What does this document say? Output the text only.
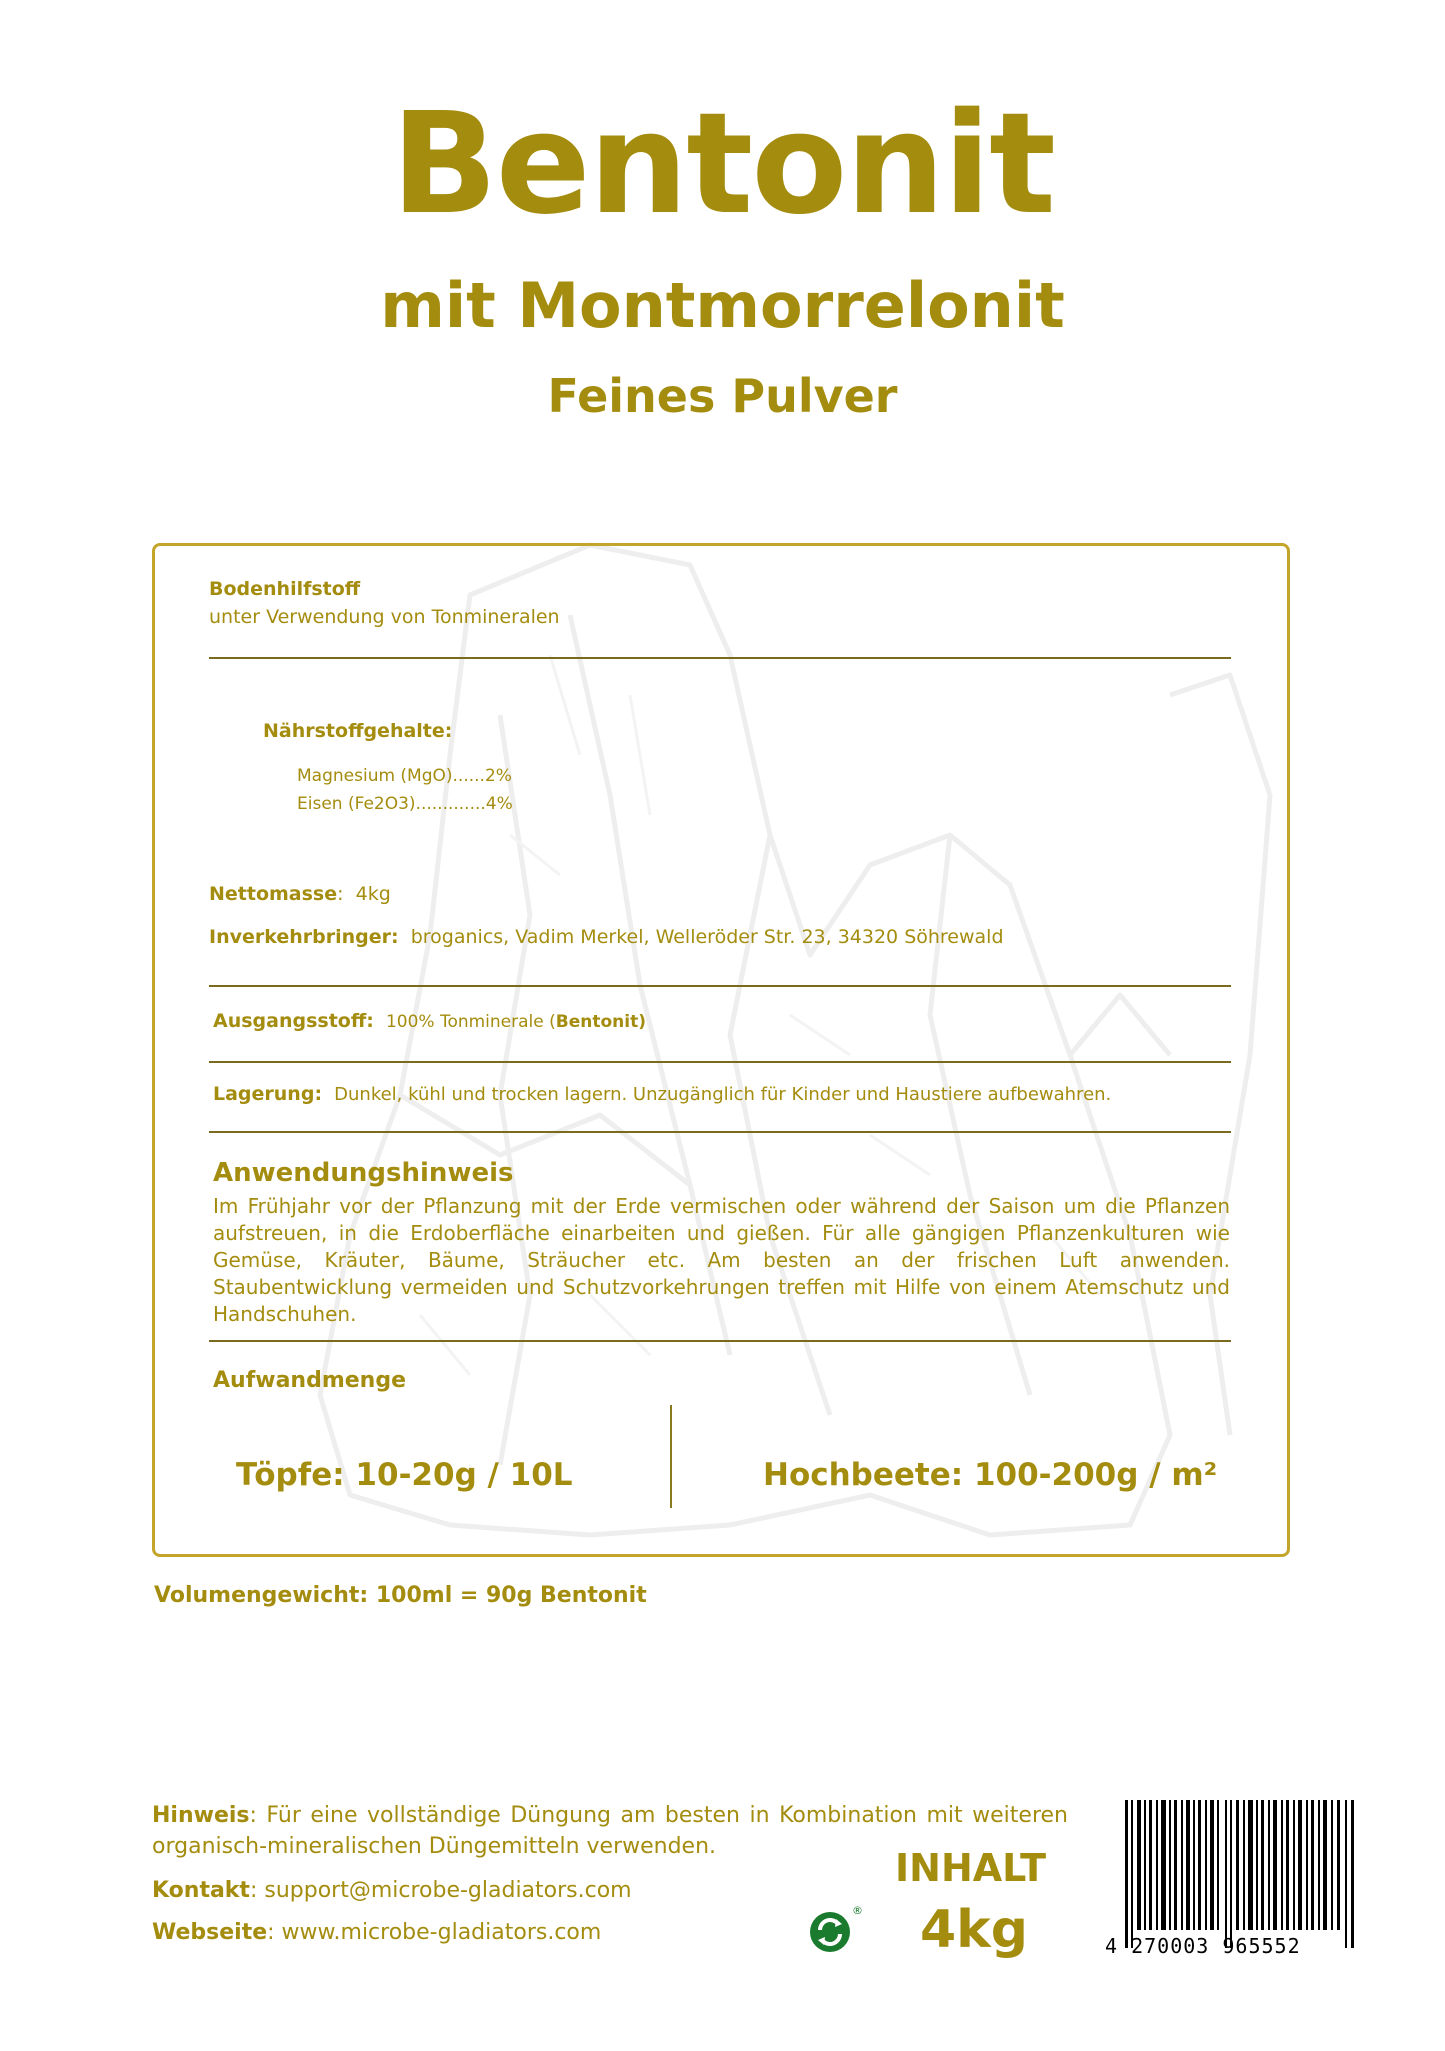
Bentonit
mit Montmorrelonit
Feines Pulver
Bodenhilfstoff
unter Verwendung von Tonmineralen
Nährstoffgehalte:
Magnesium (MgO)......2%
Eisen (Fe2O3).............4%
Nettomasse:  4kg
Inverkehrbringer: broganics, Vadim Merkel, Welleröder Str. 23, 34320 Söhrewald
Ausgangsstoff: 100% Tonminerale (Bentonit)
Lagerung: Dunkel, kühl und trocken lagern. Unzugänglich für Kinder und Haustiere aufbewahren.
Anwendungshinweis
Im Frühjahr vor der Pflanzung mit der Erde vermischen oder während der Saison um die Pflanzen aufstreuen, in die Erdoberfläche einarbeiten und gießen. Für alle gängigen Pflanzenkulturen wie Gemüse, Kräuter, Bäume, Sträucher etc. Am besten an der frischen Luft anwenden. Staubentwicklung vermeiden und Schutzvorkehrungen treffen mit Hilfe von einem Atemschutz und Handschuhen.
Aufwandmenge
Töpfe: 10-20g / 10L	Hochbeete: 100-200g / m²
Volumengewicht: 100ml = 90g Bentonit
Hinweis: Für eine vollständige Düngung am besten in Kombination mit weiteren organisch-mineralischen Düngemitteln verwenden.
Kontakt: support@microbe-gladiators.com
Webseite: www.microbe-gladiators.com
®
INHALT
4kg	4 270003 965552
